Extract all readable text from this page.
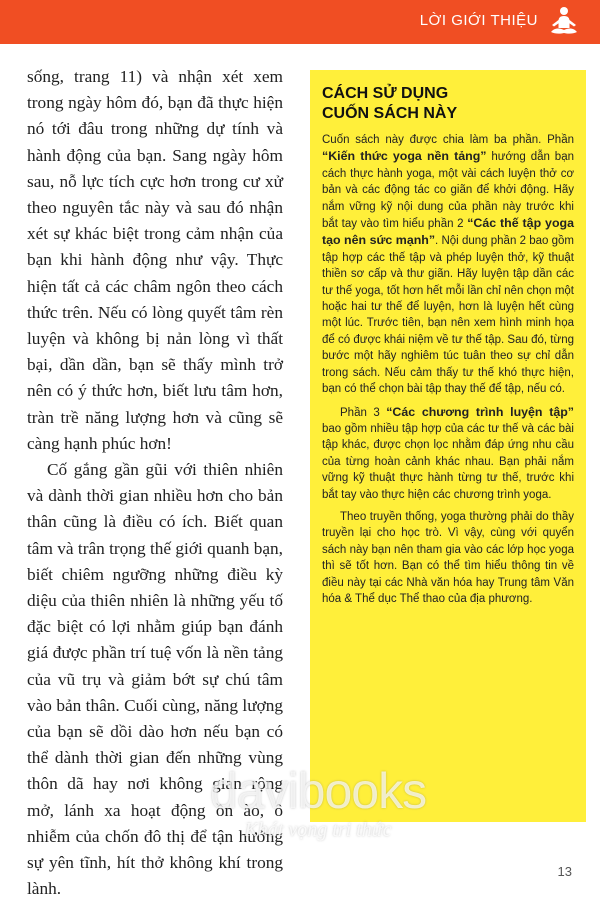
LỜI GIỚI THIỆU

sống, trang 11) và nhận xét xem trong ngày hôm đó, bạn đã thực hiện nó tới đâu trong những dự tính và hành động của bạn. Sang ngày hôm sau, nỗ lực tích cực hơn trong cư xử theo nguyên tắc này và sau đó nhận xét sự khác biệt trong cảm nhận của bạn khi hành động như vậy. Thực hiện tất cả các châm ngôn theo cách thức trên. Nếu có lòng quyết tâm rèn luyện và không bị nản lòng vì thất bại, dần dần, bạn sẽ thấy mình trở nên có ý thức hơn, biết lưu tâm hơn, tràn trề năng lượng hơn và cũng sẽ càng hạnh phúc hơn!

Cố gắng gần gũi với thiên nhiên và dành thời gian nhiều hơn cho bản thân cũng là điều có ích. Biết quan tâm và trân trọng thế giới quanh bạn, biết chiêm ngưỡng những điều kỳ diệu của thiên nhiên là những yếu tố đặc biệt có lợi nhằm giúp bạn đánh giá được phần trí tuệ vốn là nền tảng của vũ trụ và giảm bớt sự chú tâm vào bản thân. Cuối cùng, năng lượng của bạn sẽ dồi dào hơn nếu bạn có thể dành thời gian đến những vùng thôn dã hay nơi không gian rộng mở, lánh xa hoạt động ồn ào, ô nhiễm của chốn đô thị để tận hưởng sự yên tĩnh, hít thở không khí trong lành.

CÁCH SỬ DỤNG
CUỐN SÁCH NÀY

Cuốn sách này được chia làm ba phần. Phần “Kiến thức yoga nền tảng” hướng dẫn bạn cách thực hành yoga, một vài cách luyện thở cơ bản và các động tác co giãn để khởi động. Hãy nắm vững kỹ nội dung của phần này trước khi bắt tay vào tìm hiểu phần 2 “Các thế tập yoga tạo nên sức mạnh”. Nội dung phần 2 bao gồm tập hợp các thế tập và phép luyện thở, kỹ thuật thiền sơ cấp và thư giãn. Hãy luyện tập dần các tư thế yoga, tốt hơn hết mỗi lần chỉ nên chọn một hoặc hai tư thế để luyện, hơn là luyện hết cùng một lúc. Trước tiên, bạn nên xem hình minh họa để có được khái niệm về tư thế tập. Sau đó, từng bước một hãy nghiêm túc tuân theo sự chỉ dẫn trong sách. Nếu cảm thấy tư thế khó thực hiện, bạn có thể chọn bài tập thay thế để tập, nếu có.

Phần 3 “Các chương trình luyện tập” bao gồm nhiều tập hợp của các tư thế và các bài tập khác, được chọn lọc nhằm đáp ứng nhu cầu của từng hoàn cảnh khác nhau. Bạn phải nắm vững kỹ thuật thực hành từng tư thế, trước khi bắt tay vào thực hiện các chương trình yoga.

Theo truyền thống, yoga thường phải do thầy truyền lại cho học trò. Vì vậy, cùng với quyển sách này bạn nên tham gia vào các lớp học yoga thì sẽ tốt hơn. Bạn có thể tìm hiểu thông tin về điều này tại các Nhà văn hóa hay Trung tâm Văn hóa & Thể dục Thể thao của địa phương.

davibooks
Khát vọng tri thức
13
